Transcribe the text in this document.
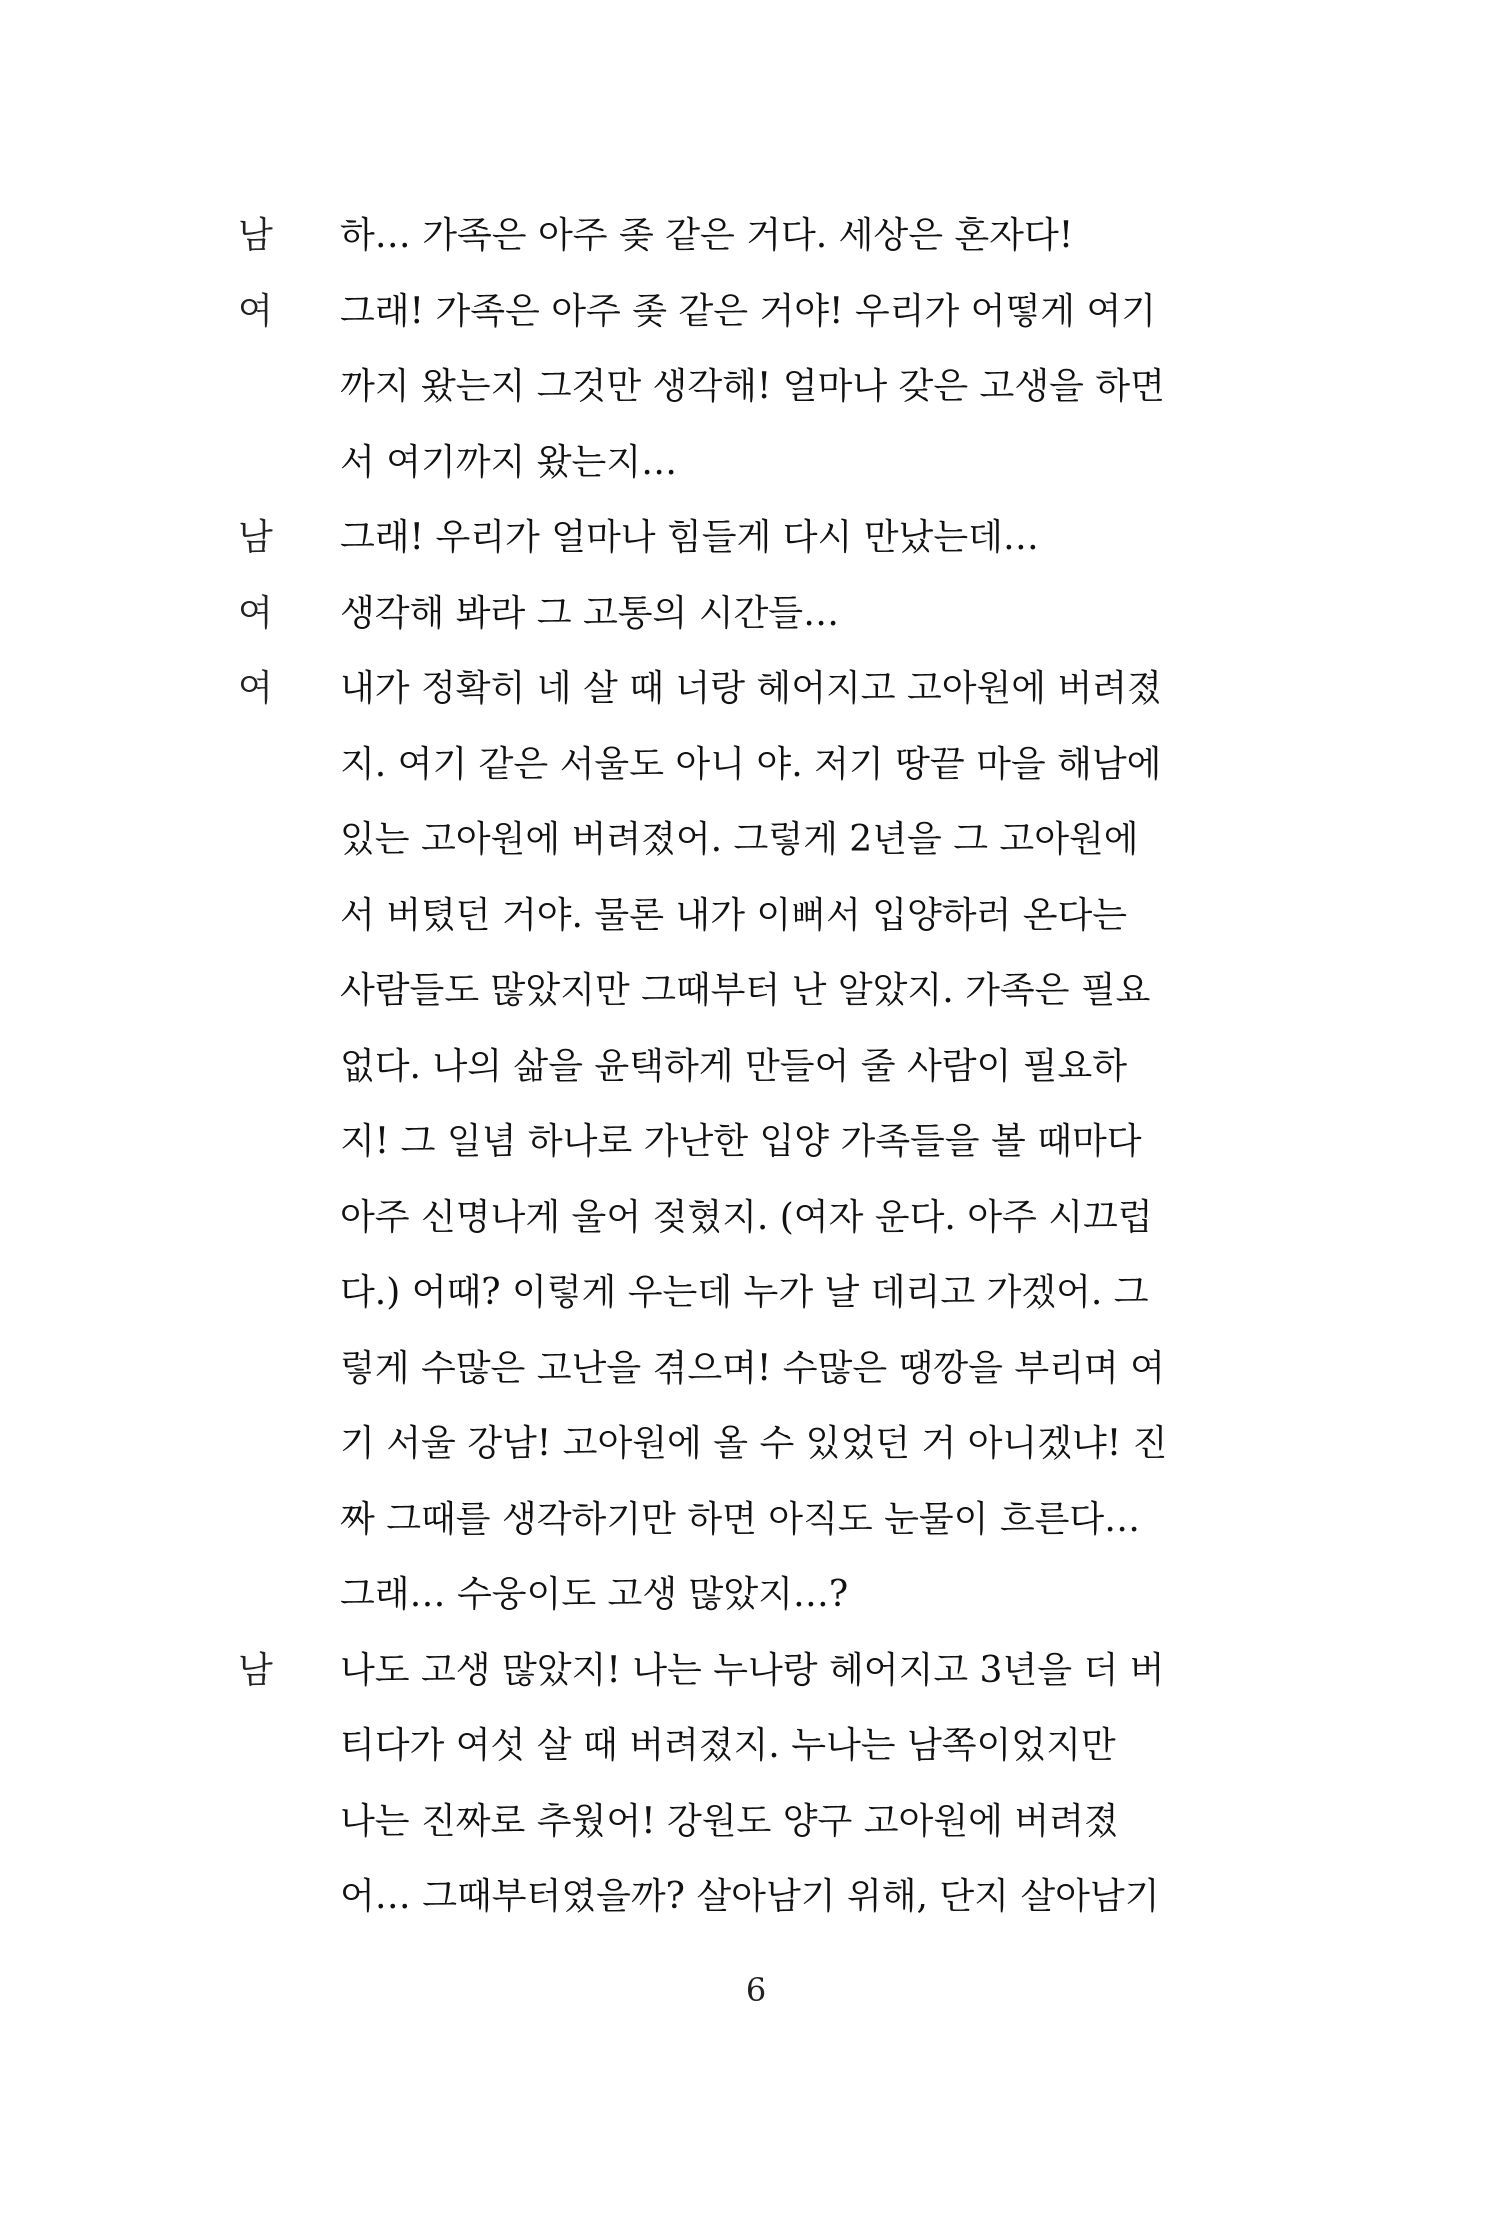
남	하… 가족은 아주 좆 같은 거다. 세상은 혼자다!
여	그래! 가족은 아주 좆 같은 거야! 우리가 어떻게 여기
까지 왔는지 그것만 생각해! 얼마나 갖은 고생을 하면
서 여기까지 왔는지…
남	그래! 우리가 얼마나 힘들게 다시 만났는데…
여	생각해 봐라 그 고통의 시간들…
여	내가 정확히 네 살 때 너랑 헤어지고 고아원에 버려졌
지. 여기 같은 서울도 아니 야. 저기 땅끝 마을 해남에
있는 고아원에 버려졌어. 그렇게 2년을 그 고아원에
서 버텼던 거야. 물론 내가 이뻐서 입양하러 온다는
사람들도 많았지만 그때부터 난 알았지. 가족은 필요
없다. 나의 삶을 윤택하게 만들어 줄 사람이 필요하
지! 그 일념 하나로 가난한 입양 가족들을 볼 때마다
아주 신명나게 울어 젖혔지. (여자 운다. 아주 시끄럽
다.) 어때? 이렇게 우는데 누가 날 데리고 가겠어. 그
렇게 수많은 고난을 겪으며! 수많은 땡깡을 부리며 여
기 서울 강남! 고아원에 올 수 있었던 거 아니겠냐! 진
짜 그때를 생각하기만 하면 아직도 눈물이 흐른다…
그래… 수웅이도 고생 많았지…?
남	나도 고생 많았지! 나는 누나랑 헤어지고 3년을 더 버
티다가 여섯 살 때 버려졌지. 누나는 남쪽이었지만
나는 진짜로 추웠어! 강원도 양구 고아원에 버려졌
어… 그때부터였을까? 살아남기 위해, 단지 살아남기
6
